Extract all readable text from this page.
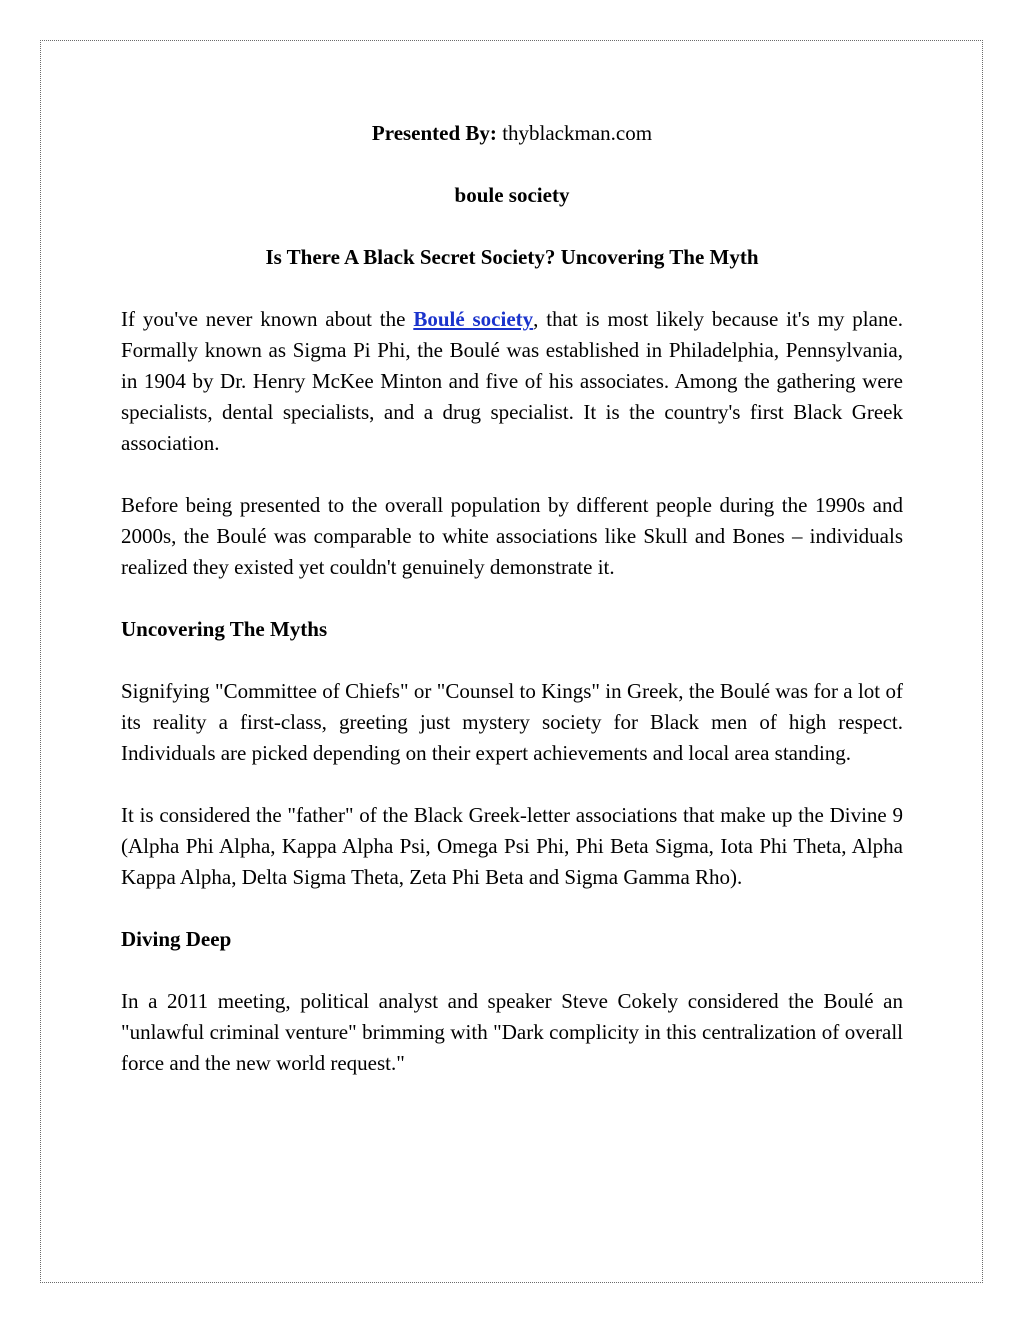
Presented By: thyblackman.com

boule society

Is There A Black Secret Society? Uncovering The Myth

If you've never known about the Boulé society, that is most likely because it's my plane. Formally known as Sigma Pi Phi, the Boulé was established in Philadelphia, Pennsylvania, in 1904 by Dr. Henry McKee Minton and five of his associates. Among the gathering were specialists, dental specialists, and a drug specialist. It is the country's first Black Greek association.

Before being presented to the overall population by different people during the 1990s and 2000s, the Boulé was comparable to white associations like Skull and Bones – individuals realized they existed yet couldn't genuinely demonstrate it.

Uncovering The Myths

Signifying "Committee of Chiefs" or "Counsel to Kings" in Greek, the Boulé was for a lot of its reality a first-class, greeting just mystery society for Black men of high respect. Individuals are picked depending on their expert achievements and local area standing.

It is considered the "father" of the Black Greek-letter associations that make up the Divine 9 (Alpha Phi Alpha, Kappa Alpha Psi, Omega Psi Phi, Phi Beta Sigma, Iota Phi Theta, Alpha Kappa Alpha, Delta Sigma Theta, Zeta Phi Beta and Sigma Gamma Rho).

Diving Deep

In a 2011 meeting, political analyst and speaker Steve Cokely considered the Boulé an "unlawful criminal venture" brimming with "Dark complicity in this centralization of overall force and the new world request."
